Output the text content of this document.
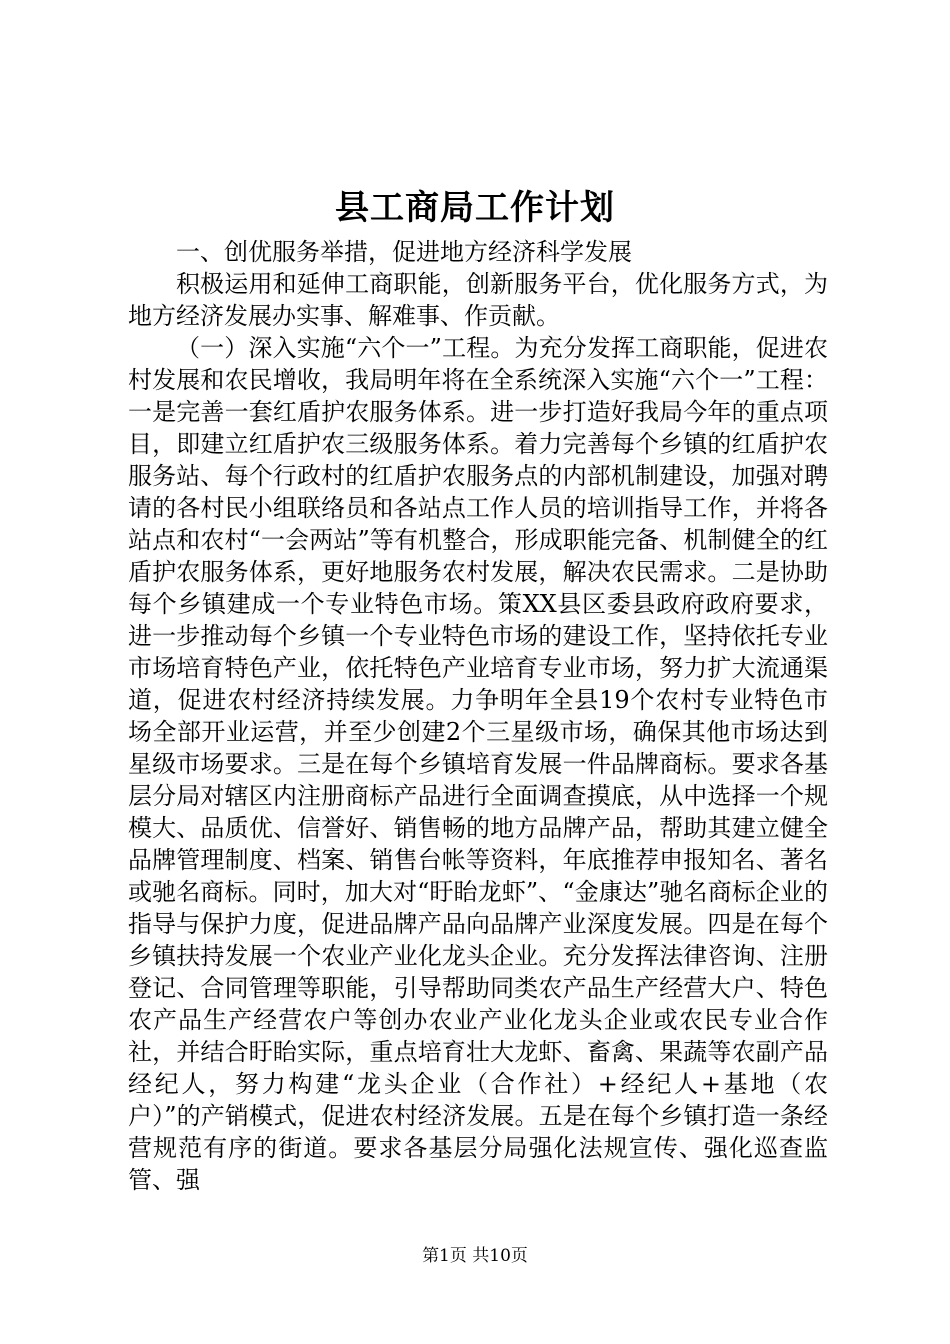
县工商局工作计划

一、创优服务举措，促进地方经济科学发展

积极运用和延伸工商职能，创新服务平台，优化服务方式，为地方经济发展办实事、解难事、作贡献。

（一）深入实施“六个一”工程。为充分发挥工商职能，促进农村发展和农民增收，我局明年将在全系统深入实施“六个一”工程：一是完善一套红盾护农服务体系。进一步打造好我局今年的重点项目，即建立红盾护农三级服务体系。着力完善每个乡镇的红盾护农服务站、每个行政村的红盾护农服务点的内部机制建设，加强对聘请的各村民小组联络员和各站点工作人员的培训指导工作，并将各站点和农村“一会两站”等有机整合，形成职能完备、机制健全的红盾护农服务体系，更好地服务农村发展，解决农民需求。二是协助每个乡镇建成一个专业特色市场。策XX县区委县政府政府要求，进一步推动每个乡镇一个专业特色市场的建设工作，坚持依托专业市场培育特色产业，依托特色产业培育专业市场，努力扩大流通渠道，促进农村经济持续发展。力争明年全县19个农村专业特色市场全部开业运营，并至少创建2个三星级市场，确保其他市场达到星级市场要求。三是在每个乡镇培育发展一件品牌商标。要求各基层分局对辖区内注册商标产品进行全面调查摸底，从中选择一个规模大、品质优、信誉好、销售畅的地方品牌产品，帮助其建立健全品牌管理制度、档案、销售台帐等资料，年底推荐申报知名、著名或驰名商标。同时，加大对“盱眙龙虾”、“金康达”驰名商标企业的指导与保护力度，促进品牌产品向品牌产业深度发展。四是在每个乡镇扶持发展一个农业产业化龙头企业。充分发挥法律咨询、注册登记、合同管理等职能，引导帮助同类农产品生产经营大户、特色农产品生产经营农户等创办农业产业化龙头企业或农民专业合作社，并结合盱眙实际，重点培育壮大龙虾、畜禽、果蔬等农副产品经纪人，努力构建“龙头企业（合作社）+经纪人+基地（农户）”的产销模式，促进农村经济发展。五是在每个乡镇打造一条经营规范有序的街道。要求各基层分局强化法规宣传、强化巡查监管、强

第1页 共10页
